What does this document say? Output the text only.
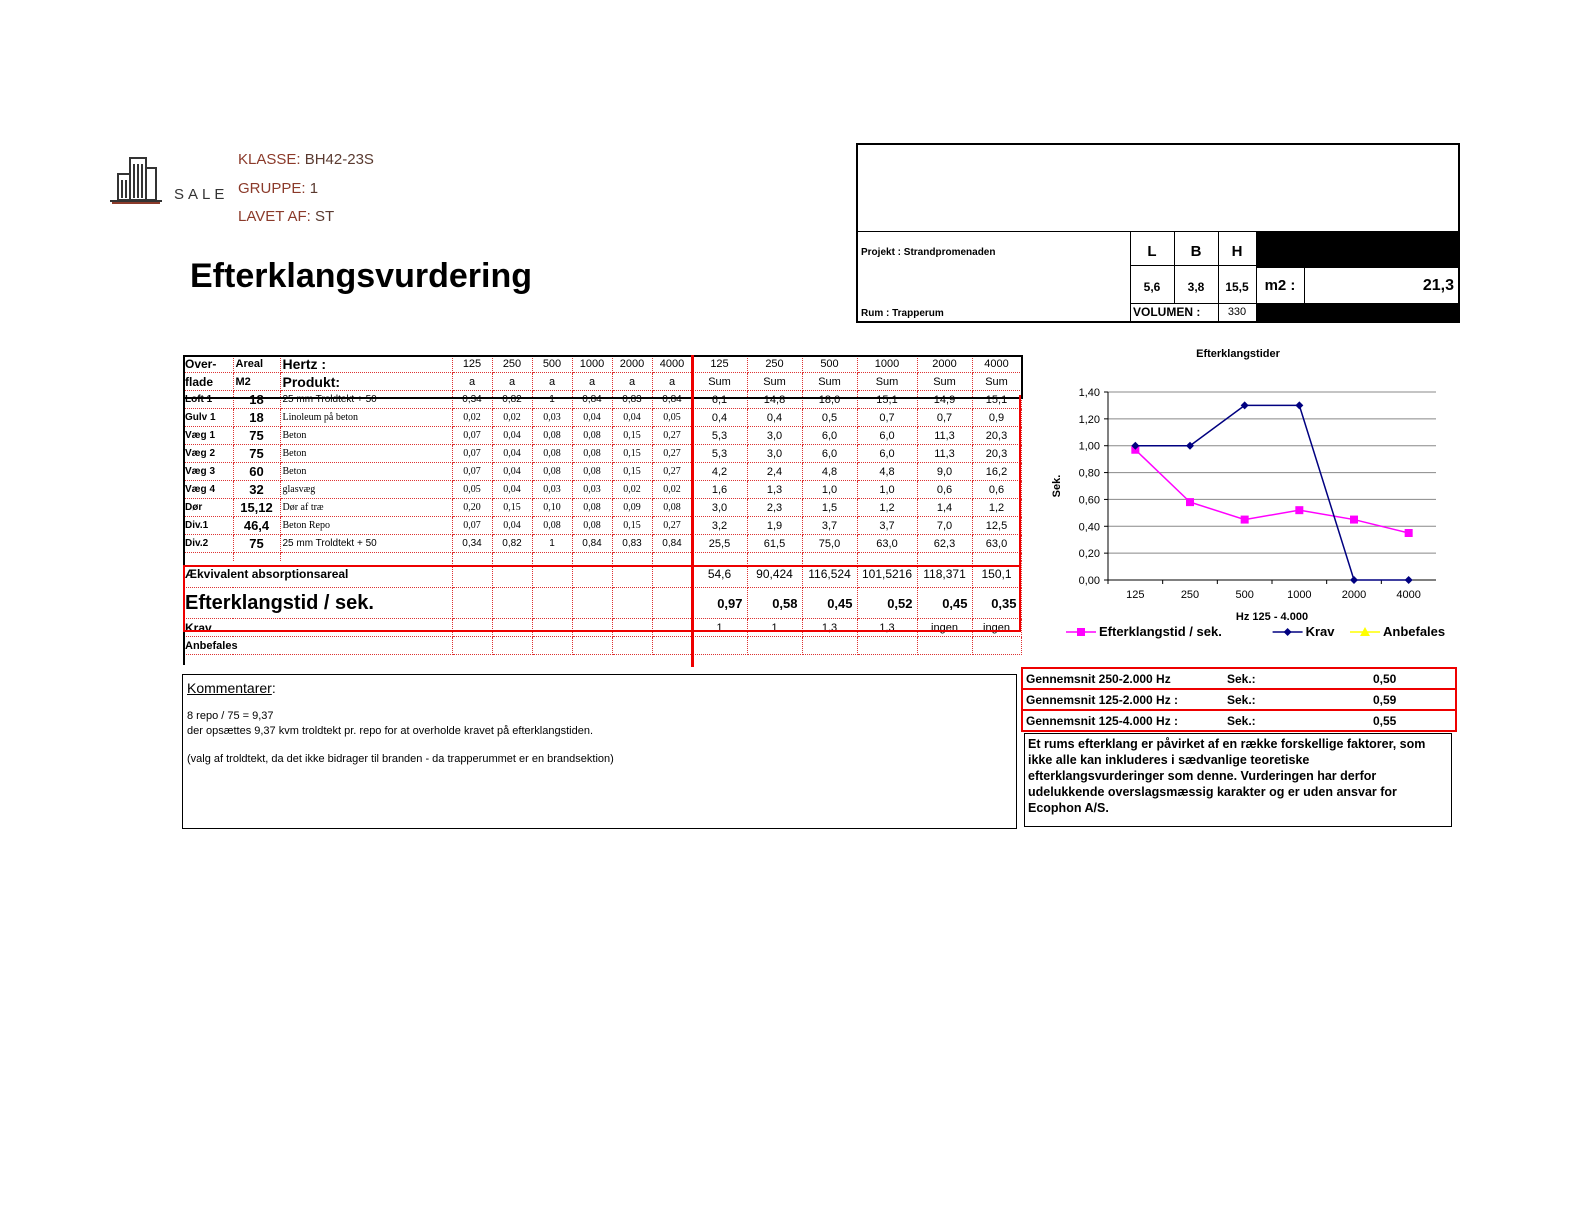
SALE
KLASSE: BH42-23S
GRUPPE: 1
LAVET AF: ST
Efterklangsvurdering
Projekt : Strandpromenaden
Rum : Trapperum
L	B	H
5,6	3,8	15,5	m2 :	21,3
VOLUMEN :	330
Over-	Areal	Hertz :	125	250	500	1000	2000	4000	125	250	500	1000	2000	4000
flade	M2	Produkt:	a	a	a	a	a	a	Sum	Sum	Sum	Sum	Sum	Sum
Loft 1	18	25 mm Troldtekt + 50	0,34	0,82	1	0,84	0,83	0,84	6,1	14,8	18,0	15,1	14,9	15,1
Gulv 1	18	Linoleum på beton	0,02	0,02	0,03	0,04	0,04	0,05	0,4	0,4	0,5	0,7	0,7	0,9
Væg 1	75	Beton	0,07	0,04	0,08	0,08	0,15	0,27	5,3	3,0	6,0	6,0	11,3	20,3
Væg 2	75	Beton	0,07	0,04	0,08	0,08	0,15	0,27	5,3	3,0	6,0	6,0	11,3	20,3
Væg 3	60	Beton	0,07	0,04	0,08	0,08	0,15	0,27	4,2	2,4	4,8	4,8	9,0	16,2
Væg 4	32	glasvæg	0,05	0,04	0,03	0,03	0,02	0,02	1,6	1,3	1,0	1,0	0,6	0,6
Dør	15,12	Dør af træ	0,20	0,15	0,10	0,08	0,09	0,08	3,0	2,3	1,5	1,2	1,4	1,2
Div.1	46,4	Beton Repo	0,07	0,04	0,08	0,08	0,15	0,27	3,2	1,9	3,7	3,7	7,0	12,5
Div.2	75	25 mm Troldtekt + 50	0,34	0,82	1	0,84	0,83	0,84	25,5	61,5	75,0	63,0	62,3	63,0

Ækvivalent absorptionsareal									54,6	90,424	116,524	101,5216	118,371	150,1
Efterklangstid / sek.									0,97	0,58	0,45	0,52	0,45	0,35
Krav									1	1	1,3	1,3	ingen	ingen
Anbefales														
Efterklangstider
0,00
0,20
0,40
0,60
0,80
1,00
1,20
1,40
125	250	500	1000	2000	4000
Hz 125 - 4.000
Sek.
Efterklangstid / sek.	Krav	Anbefales
Kommentarer:
8 repo / 75 = 9,37
der opsættes 9,37 kvm troldtekt pr. repo for at overholde kravet på efterklangstiden.
(valg af troldtekt, da det ikke bidrager til branden - da trapperummet er en brandsektion)
Gennemsnit 250-2.000 Hz	Sek.:	0,50
Gennemsnit 125-2.000 Hz :	Sek.:	0,59
Gennemsnit 125-4.000 Hz :	Sek.:	0,55
Et rums efterklang er påvirket af en række forskellige faktorer, som ikke alle kan inkluderes i sædvanlige teoretiske efterklangsvurderinger som denne. Vurderingen har derfor udelukkende overslagsmæssig karakter og er uden ansvar for Ecophon A/S.
